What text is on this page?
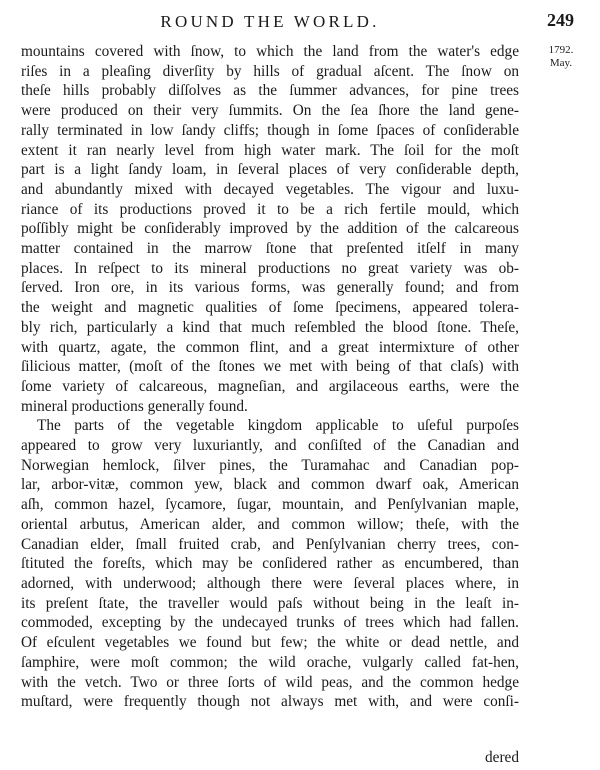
ROUND THE WORLD.	249
1792.
May.
mountains covered with ſnow, to which the land from the water's edge
riſes in a pleaſing diverſity by hills of gradual aſcent. The ſnow on
theſe hills probably diſſolves as the ſummer advances, for pine trees
were produced on their very ſummits. On the ſea ſhore the land gene-
rally terminated in low ſandy cliffs; though in ſome ſpaces of conſiderable
extent it ran nearly level from high water mark. The ſoil for the moſt
part is a light ſandy loam, in ſeveral places of very conſiderable depth,
and abundantly mixed with decayed vegetables. The vigour and luxu-
riance of its productions proved it to be a rich fertile mould, which
poſſibly might be conſiderably improved by the addition of the calcareous
matter contained in the marrow ſtone that preſented itſelf in many
places. In reſpect to its mineral productions no great variety was ob-
ſerved. Iron ore, in its various forms, was generally found; and from
the weight and magnetic qualities of ſome ſpecimens, appeared tolera-
bly rich, particularly a kind that much reſembled the blood ſtone. Theſe,
with quartz, agate, the common flint, and a great intermixture of other
ſilicious matter, (moſt of the ſtones we met with being of that claſs) with
ſome variety of calcareous, magneſian, and argilaceous earths, were the
mineral productions generally found.
The parts of the vegetable kingdom applicable to uſeful purpoſes
appeared to grow very luxuriantly, and conſiſted of the Canadian and
Norwegian hemlock, ſilver pines, the Turamahac and Canadian pop-
lar, arbor-vitæ, common yew, black and common dwarf oak, American
aſh, common hazel, ſycamore, ſugar, mountain, and Penſylvanian maple,
oriental arbutus, American alder, and common willow; theſe, with the
Canadian elder, ſmall fruited crab, and Penſylvanian cherry trees, con-
ſtituted the foreſts, which may be conſidered rather as encumbered, than
adorned, with underwood; although there were ſeveral places where, in
its preſent ſtate, the traveller would paſs without being in the leaſt in-
commoded, excepting by the undecayed trunks of trees which had fallen.
Of eſculent vegetables we found but few; the white or dead nettle, and
ſamphire, were moſt common; the wild orache, vulgarly called fat-hen,
with the vetch. Two or three ſorts of wild peas, and the common hedge
muſtard, were frequently though not always met with, and were conſi-
dered
